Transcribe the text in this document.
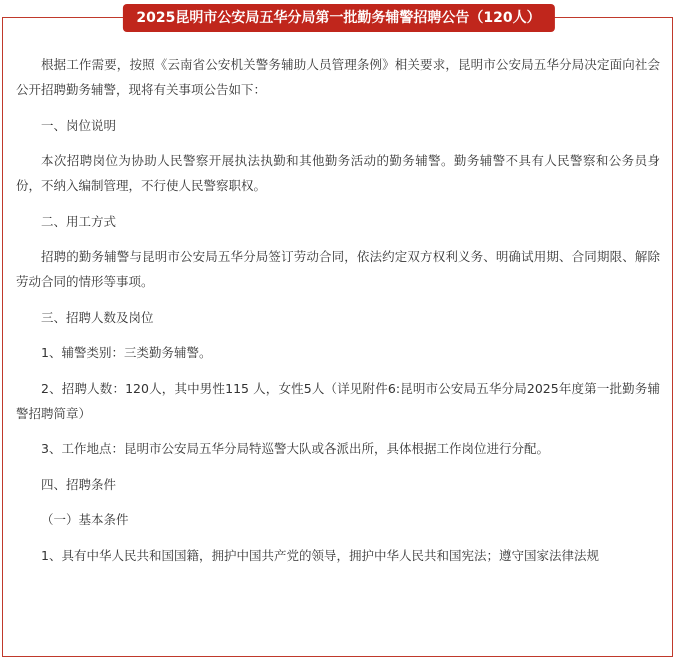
2025昆明市公安局五华分局第一批勤务辅警招聘公告（120人）

根据工作需要，按照《云南省公安机关警务辅助人员管理条例》相关要求，昆明市公安局五华分局决定面向社会公开招聘勤务辅警，现将有关事项公告如下：

一、岗位说明

本次招聘岗位为协助人民警察开展执法执勤和其他勤务活动的勤务辅警。勤务辅警不具有人民警察和公务员身份，不纳入编制管理，不行使人民警察职权。

二、用工方式

招聘的勤务辅警与昆明市公安局五华分局签订劳动合同，依法约定双方权利义务、明确试用期、合同期限、解除劳动合同的情形等事项。

三、招聘人数及岗位

1、辅警类别：三类勤务辅警。

2、招聘人数：120人，其中男性115 人，女性5人（详见附件6:昆明市公安局五华分局2025年度第一批勤务辅警招聘简章）

3、工作地点：昆明市公安局五华分局特巡警大队或各派出所，具体根据工作岗位进行分配。

四、招聘条件

（一）基本条件

1、具有中华人民共和国国籍，拥护中国共产党的领导，拥护中华人民共和国宪法；遵守国家法律法规
